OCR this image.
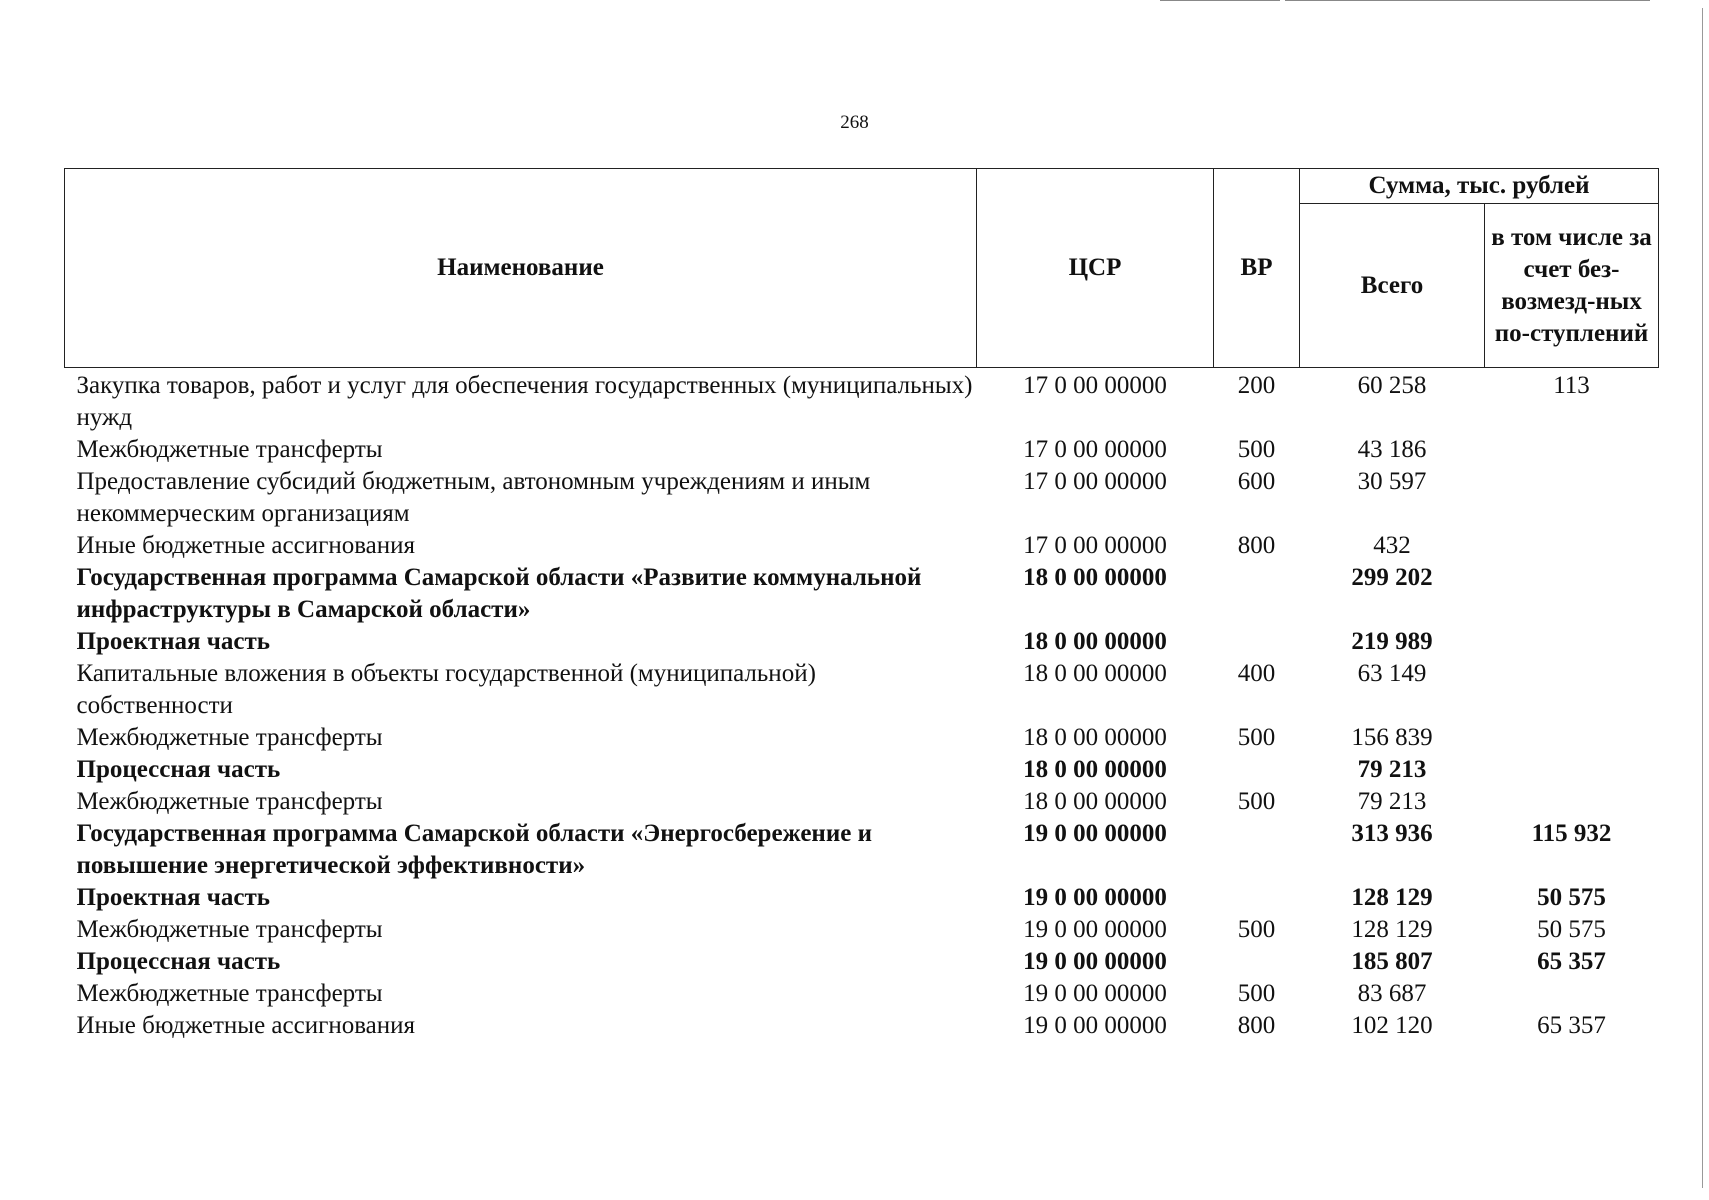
268
Наименование	ЦСР	ВР	Сумма, тыс. рублей	
			Всего	в том числе за счет без-возмезд-ных по-ступлений
Закупка товаров, работ и услуг для обеспечения государственных (муниципальных) нужд	17 0 00 00000	200	60 258	113
Межбюджетные трансферты	17 0 00 00000	500	43 186	
Предоставление субсидий бюджетным, автономным учреждениям и иным некоммерческим организациям	17 0 00 00000	600	30 597	
Иные бюджетные ассигнования	17 0 00 00000	800	432	
Государственная программа Самарской области «Развитие коммунальной инфраструктуры в Самарской области»	18 0 00 00000		299 202	
Проектная часть	18 0 00 00000		219 989	
Капитальные вложения в объекты государственной (муниципальной) собственности	18 0 00 00000	400	63 149	
Межбюджетные трансферты	18 0 00 00000	500	156 839	
Процессная часть	18 0 00 00000		79 213	
Межбюджетные трансферты	18 0 00 00000	500	79 213	
Государственная программа Самарской области «Энергосбережение и повышение энергетической эффективности»	19 0 00 00000		313 936	115 932
Проектная часть	19 0 00 00000		128 129	50 575
Межбюджетные трансферты	19 0 00 00000	500	128 129	50 575
Процессная часть	19 0 00 00000		185 807	65 357
Межбюджетные трансферты	19 0 00 00000	500	83 687	
Иные бюджетные ассигнования	19 0 00 00000	800	102 120	65 357
